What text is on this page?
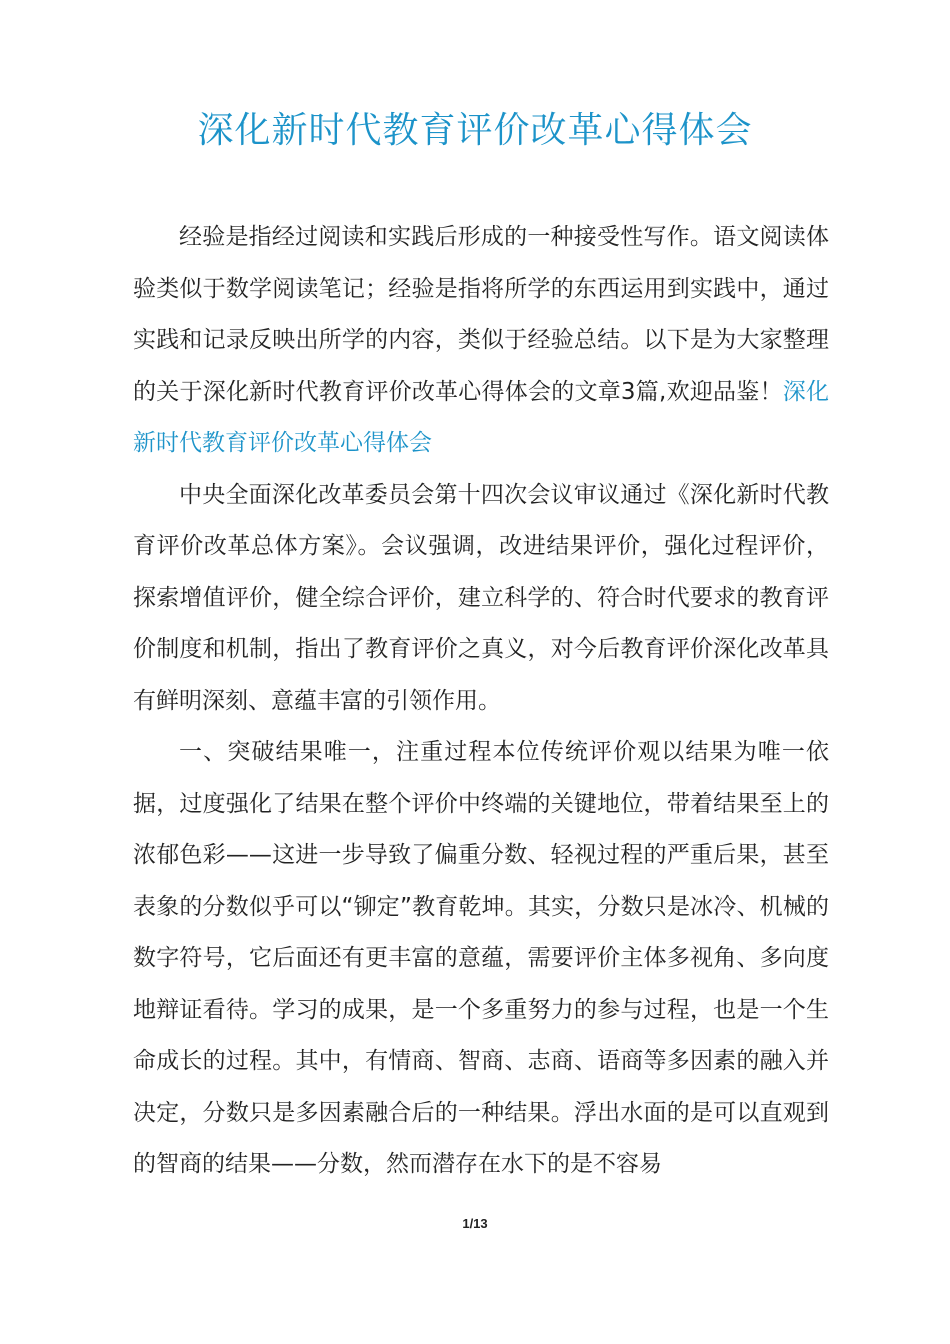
深化新时代教育评价改革心得体会

经验是指经过阅读和实践后形成的一种接受性写作。语文阅读体验类似于数学阅读笔记；经验是指将所学的东西运用到实践中，通过实践和记录反映出所学的内容，类似于经验总结。以下是为大家整理的关于深化新时代教育评价改革心得体会的文章3篇,欢迎品鉴！深化新时代教育评价改革心得体会

中央全面深化改革委员会第十四次会议审议通过《深化新时代教育评价改革总体方案》。会议强调，改进结果评价，强化过程评价，探索增值评价，健全综合评价，建立科学的、符合时代要求的教育评价制度和机制，指出了教育评价之真义，对今后教育评价深化改革具有鲜明深刻、意蕴丰富的引领作用。

一、突破结果唯一，注重过程本位传统评价观以结果为唯一依据，过度强化了结果在整个评价中终端的关键地位，带着结果至上的浓郁色彩——这进一步导致了偏重分数、轻视过程的严重后果，甚至表象的分数似乎可以“铆定”教育乾坤。其实，分数只是冰冷、机械的数字符号，它后面还有更丰富的意蕴，需要评价主体多视角、多向度地辩证看待。学习的成果，是一个多重努力的参与过程，也是一个生命成长的过程。其中，有情商、智商、志商、语商等多因素的融入并决定，分数只是多因素融合后的一种结果。浮出水面的是可以直观到的智商的结果——分数，然而潜存在水下的是不容易

1/13
